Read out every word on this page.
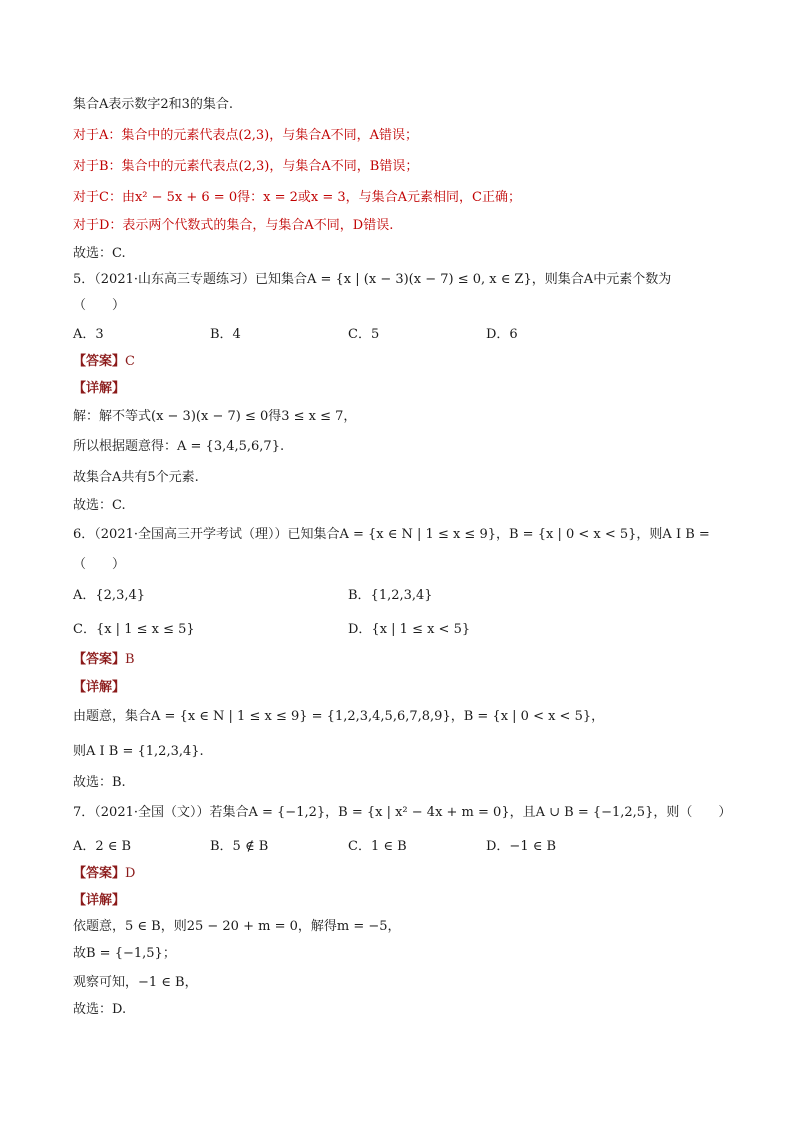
集合A表示数字2和3的集合.
对于A：集合中的元素代表点(2,3)，与集合A不同，A错误；
对于B：集合中的元素代表点(2,3)，与集合A不同，B错误；
对于C：由x² − 5x + 6 = 0得：x = 2或x = 3，与集合A元素相同，C正确；
对于D：表示两个代数式的集合，与集合A不同，D错误.
故选：C.
5．（2021·山东高三专题练习）已知集合A = {x | (x − 3)(x − 7) ≤ 0, x ∈ Z}，则集合A中元素个数为
（　　）
A．3	B．4	C．5	D．6
【答案】C
【详解】
解：解不等式(x − 3)(x − 7) ≤ 0得3 ≤ x ≤ 7，
所以根据题意得：A = {3,4,5,6,7}.
故集合A共有5个元素.
故选：C.
6．（2021·全国高三开学考试（理））已知集合A = {x ∈ N | 1 ≤ x ≤ 9}，B = {x | 0 < x < 5}，则A I B =
（　　）
A．{2,3,4}	B．{1,2,3,4}
C．{x | 1 ≤ x ≤ 5}	D．{x | 1 ≤ x < 5}
【答案】B
【详解】
由题意，集合A = {x ∈ N | 1 ≤ x ≤ 9} = {1,2,3,4,5,6,7,8,9}，B = {x | 0 < x < 5}，
则A I B = {1,2,3,4}.
故选：B.
7．（2021·全国（文））若集合A = {−1,2}，B = {x | x² − 4x + m = 0}，且A ∪ B = {−1,2,5}，则（　　）
A．2 ∈ B	B．5 ∉ B	C．1 ∈ B	D．−1 ∈ B
【答案】D
【详解】
依题意，5 ∈ B，则25 − 20 + m = 0，解得m = −5，
故B = {−1,5}；
观察可知，−1 ∈ B，
故选：D.
